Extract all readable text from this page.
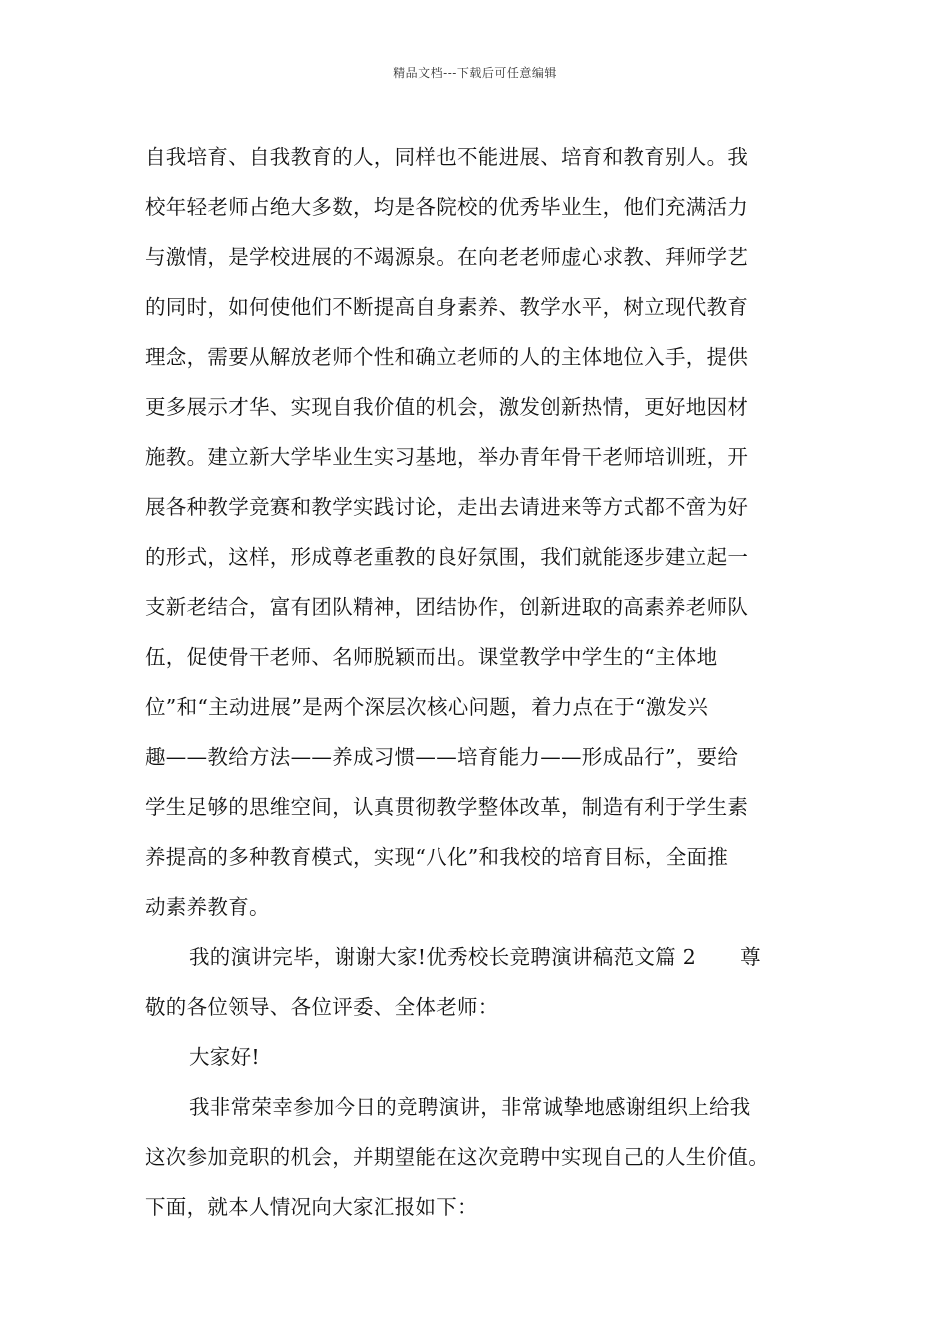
精品文档---下载后可任意编辑
自我培育、自我教育的人，同样也不能进展、培育和教育别人。我
校年轻老师占绝大多数，均是各院校的优秀毕业生，他们充满活力
与激情，是学校进展的不竭源泉。在向老老师虚心求教、拜师学艺
的同时，如何使他们不断提高自身素养、教学水平，树立现代教育
理念，需要从解放老师个性和确立老师的人的主体地位入手，提供
更多展示才华、实现自我价值的机会，激发创新热情，更好地因材
施教。建立新大学毕业生实习基地，举办青年骨干老师培训班，开
展各种教学竞赛和教学实践讨论，走出去请进来等方式都不啻为好
的形式，这样，形成尊老重教的良好氛围，我们就能逐步建立起一
支新老结合，富有团队精神，团结协作，创新进取的高素养老师队
伍，促使骨干老师、名师脱颖而出。课堂教学中学生的“主体地
位”和“主动进展”是两个深层次核心问题，着力点在于“激发兴
趣——教给方法——养成习惯——培育能力——形成品行”，要给
学生足够的思维空间，认真贯彻教学整体改革，制造有利于学生素
养提高的多种教育模式，实现“八化”和我校的培育目标，全面推
动素养教育。
我的演讲完毕，谢谢大家!优秀校长竞聘演讲稿范文篇 2 尊
敬的各位领导、各位评委、全体老师：
大家好!
我非常荣幸参加今日的竞聘演讲，非常诚挚地感谢组织上给我
这次参加竞职的机会，并期望能在这次竞聘中实现自己的人生价值。
下面，就本人情况向大家汇报如下：
